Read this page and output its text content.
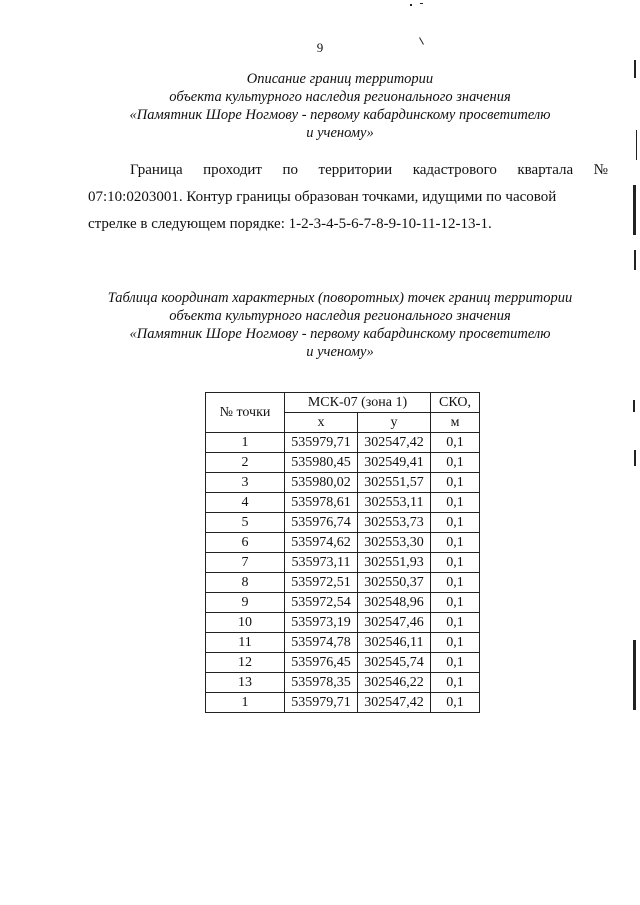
9
Описание границ территории
объекта культурного наследия регионального значения
«Памятник Шоре Ногмову - первому кабардинскому просветителю
и ученому»
Граница проходит по территории кадастрового квартала №
07:10:0203001. Контур границы образован точками, идущими по часовой
стрелке в следующем порядке: 1-2-3-4-5-6-7-8-9-10-11-12-13-1.
Таблица координат характерных (поворотных) точек границ территории
объекта культурного наследия регионального значения
«Памятник Шоре Ногмову - первому кабардинскому просветителю
и ученому»
№ точки	МСК-07 (зона 1)		СКО,
	x	y	м
1	535979,71	302547,42	0,1
2	535980,45	302549,41	0,1
3	535980,02	302551,57	0,1
4	535978,61	302553,11	0,1
5	535976,74	302553,73	0,1
6	535974,62	302553,30	0,1
7	535973,11	302551,93	0,1
8	535972,51	302550,37	0,1
9	535972,54	302548,96	0,1
10	535973,19	302547,46	0,1
11	535974,78	302546,11	0,1
12	535976,45	302545,74	0,1
13	535978,35	302546,22	0,1
1	535979,71	302547,42	0,1
